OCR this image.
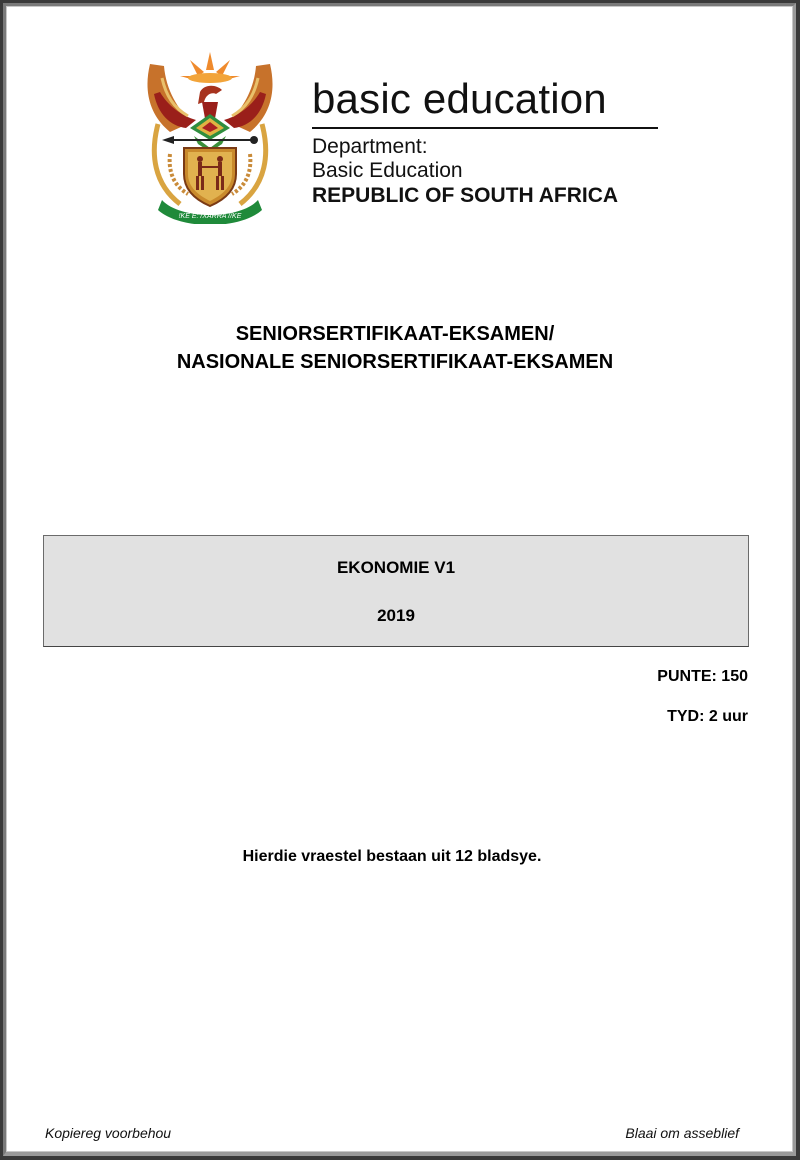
!KE E: /XARRA //KE
basic education
Department:
Basic Education
REPUBLIC OF SOUTH AFRICA
SENIORSERTIFIKAAT-EKSAMEN/
NASIONALE SENIORSERTIFIKAAT-EKSAMEN
EKONOMIE V1
2019
PUNTE: 150
TYD: 2 uur
Hierdie vraestel bestaan uit 12 bladsye.
Kopiereg voorbehou	Blaai om asseblief
